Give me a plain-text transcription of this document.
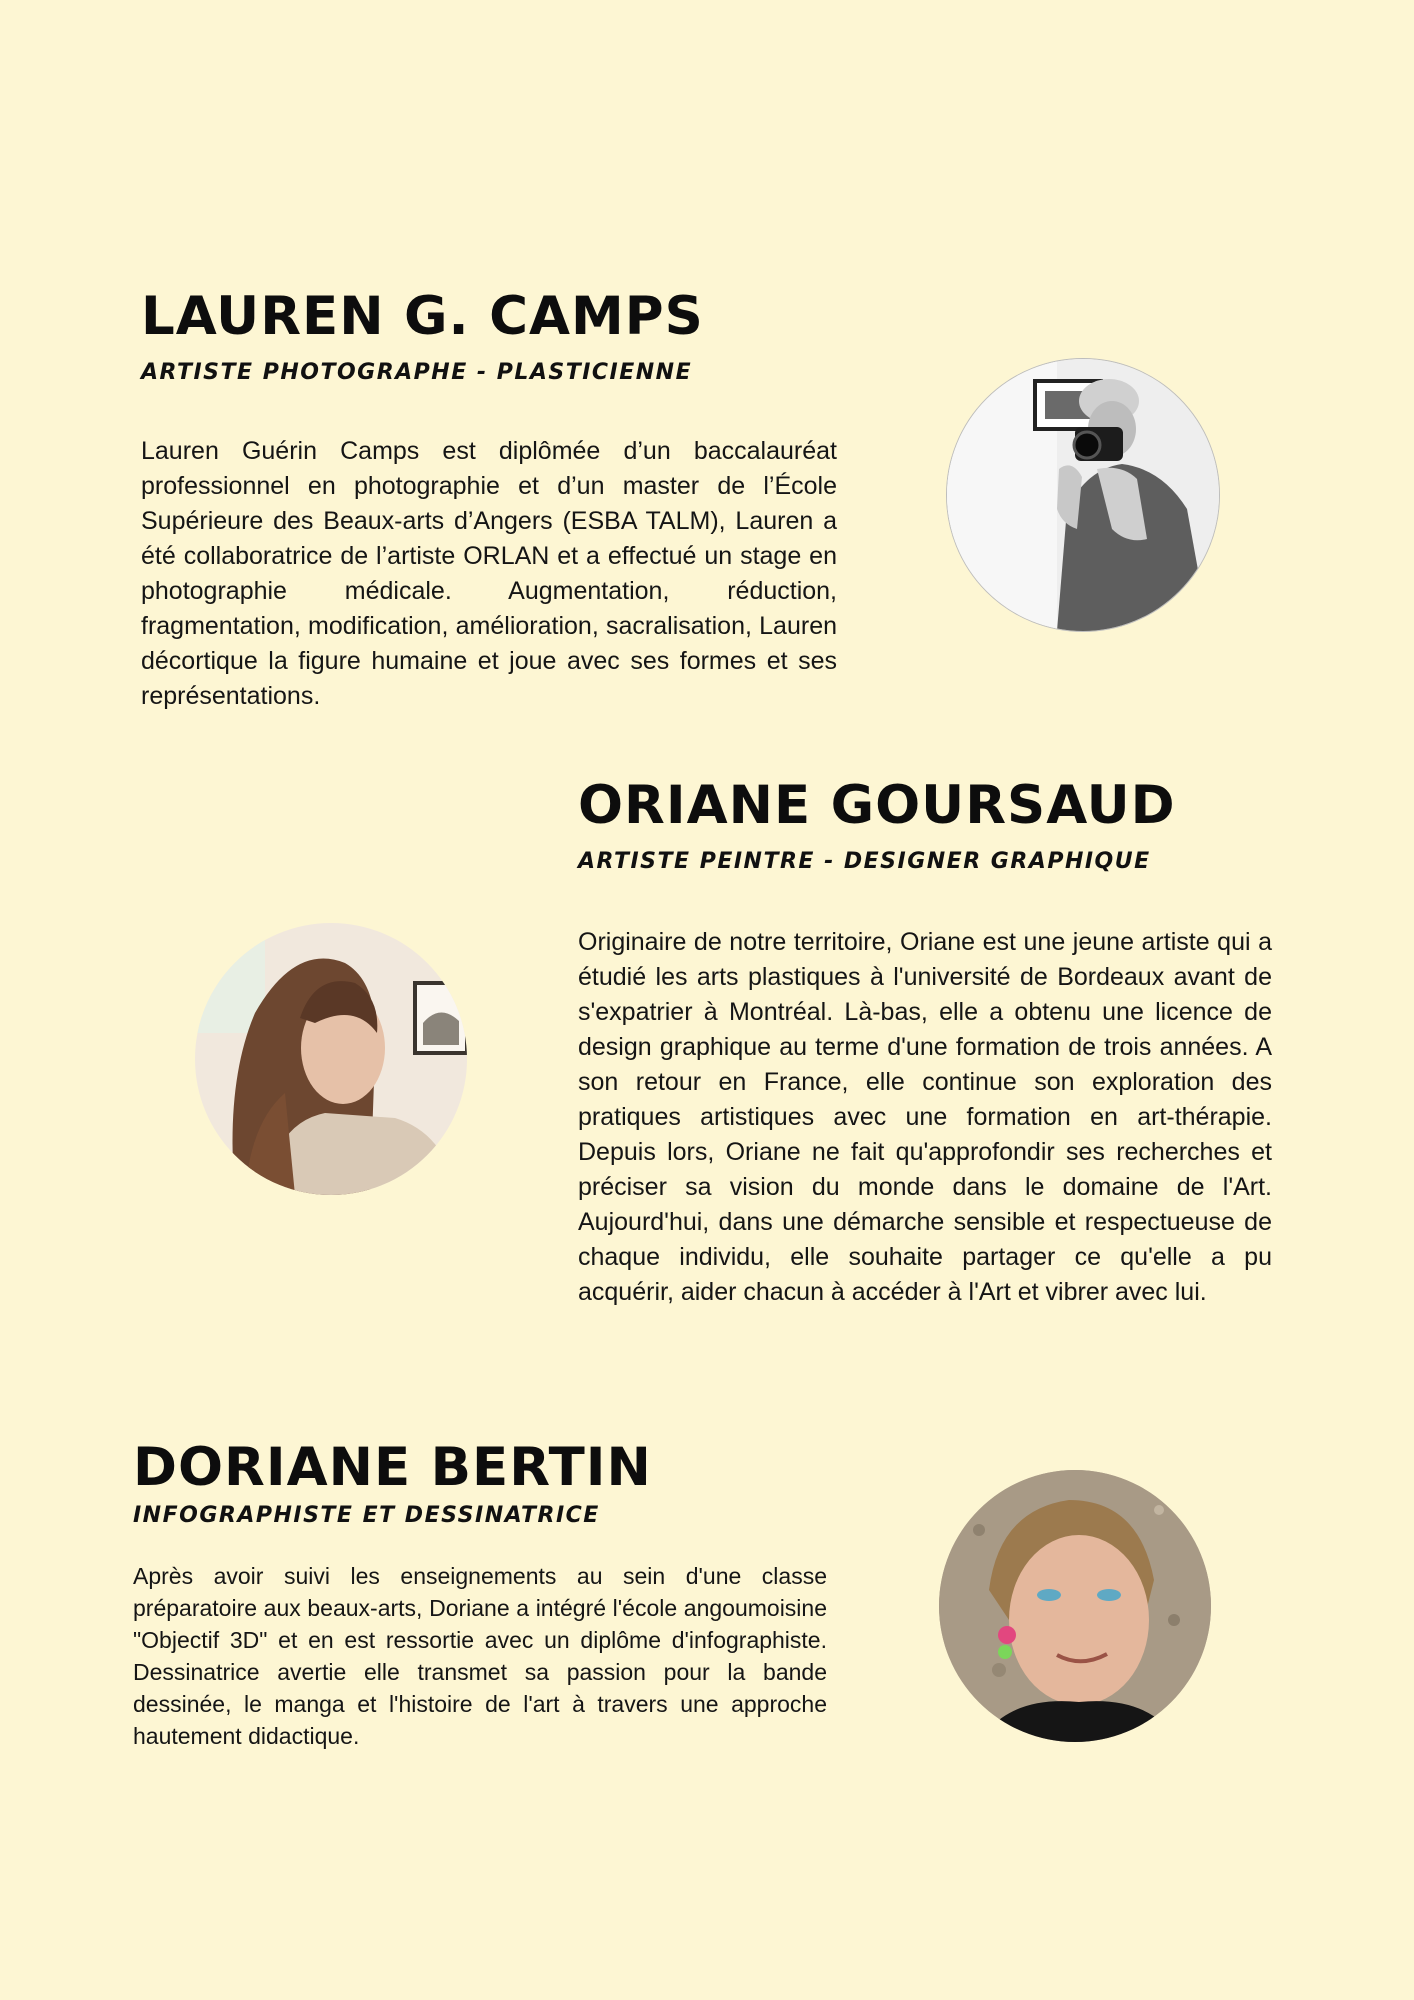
LAUREN G. CAMPS
ARTISTE PHOTOGRAPHE - PLASTICIENNE

Lauren Guérin Camps est diplômée d’un baccalauréat professionnel en photographie et d’un master de l’École Supérieure des Beaux-arts d’Angers (ESBA TALM), Lauren a été collaboratrice de l’artiste ORLAN et a effectué un stage en photographie médicale. Augmentation, réduction, fragmentation, modification, amélioration, sacralisation, Lauren décortique la figure humaine et joue avec ses formes et ses représentations.

ORIANE GOURSAUD
ARTISTE PEINTRE - DESIGNER GRAPHIQUE

Originaire de notre territoire, Oriane est une jeune artiste qui a étudié les arts plastiques à l'université de Bordeaux avant de s'expatrier à Montréal. Là-bas, elle a obtenu une licence de design graphique au terme d'une formation de trois années. A son retour en France, elle continue son exploration des pratiques artistiques avec une formation en art-thérapie. Depuis lors, Oriane ne fait qu'approfondir ses recherches et préciser sa vision du monde dans le domaine de l'Art. Aujourd'hui, dans une démarche sensible et respectueuse de chaque individu, elle souhaite partager ce qu'elle a pu acquérir, aider chacun à accéder à l'Art et vibrer avec lui.

DORIANE BERTIN
INFOGRAPHISTE ET DESSINATRICE

Après avoir suivi les enseignements au sein d'une classe préparatoire aux beaux-arts, Doriane a intégré l'école angoumoisine "Objectif 3D" et en est ressortie avec un diplôme d'infographiste. Dessinatrice avertie elle transmet sa passion pour la bande dessinée, le manga et l'histoire de l'art à travers une approche hautement didactique.
